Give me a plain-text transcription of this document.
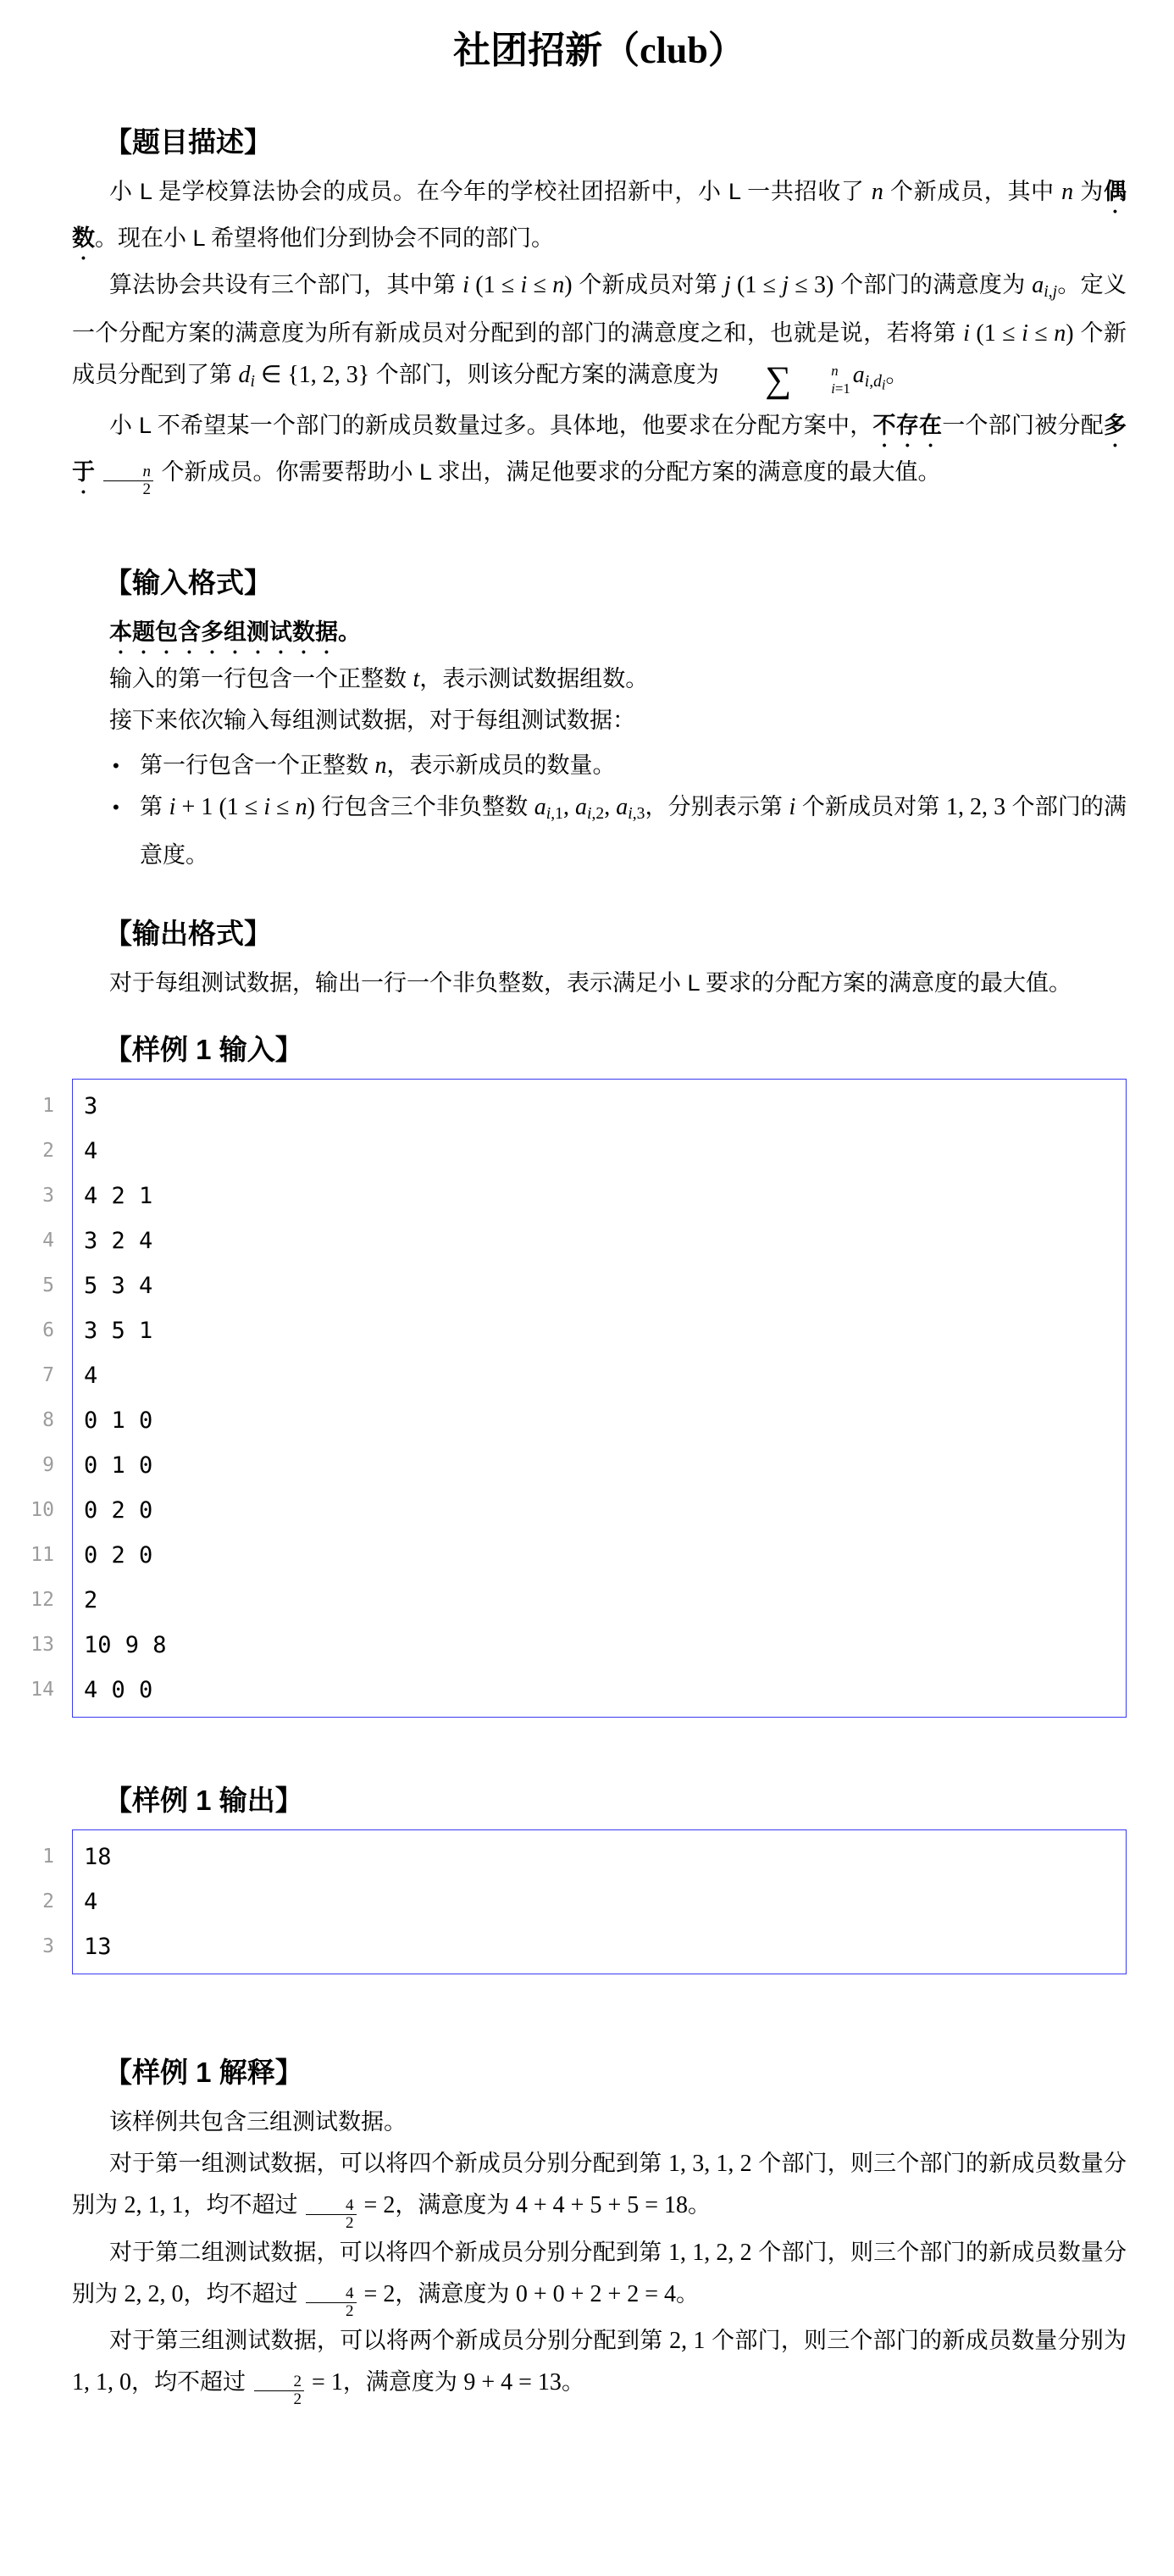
社团招新（club）
【题目描述】

小 L 是学校算法协会的成员。在今年的学校社团招新中，小 L 一共招收了 n 个新成员，其中 n 为偶数。现在小 L 希望将他们分到协会不同的部门。

算法协会共设有三个部门，其中第 i (1 ≤ i ≤ n) 个新成员对第 j (1 ≤ j ≤ 3) 个部门的满意度为 ai,j。定义一个分配方案的满意度为所有新成员对分配到的部门的满意度之和，也就是说，若将第 i (1 ≤ i ≤ n) 个新成员分配到了第 di ∈ {1, 2, 3} 个部门，则该分配方案的满意度为	∑	n
i=1
ai,di。

小 L 不希望某一个部门的新成员数量过多。具体地，他要求在分配方案中，不存在一个部门被分配多于 $\frac{n}{2}$ 个新成员。你需要帮助小 L 求出，满足他要求的分配方案的满意度的最大值。

【输入格式】

本题包含多组测试数据。

输入的第一行包含一个正整数 t，表示测试数据组数。

接下来依次输入每组测试数据，对于每组测试数据：

• 第一行包含一个正整数 n，表示新成员的数量。
• 第 i + 1 (1 ≤ i ≤ n) 行包含三个非负整数 ai,1, ai,2, ai,3，分别表示第 i 个新成员对第 1, 2, 3 个部门的满意度。
【输出格式】

对于每组测试数据，输出一行一个非负整数，表示满足小 L 要求的分配方案的满意度的最大值。

【样例 1 输入】
1 3
2 4
3 4 2 1
4 3 2 4
5 5 3 4
6 3 5 1
7 4
8 0 1 0
9 0 1 0
10 0 2 0
11 0 2 0
12 2
13 10 9 8
14 4 0 0
【样例 1 输出】
1 18
2 4
3 13
【样例 1 解释】

该样例共包含三组测试数据。

对于第一组测试数据，可以将四个新成员分别分配到第 1, 3, 1, 2 个部门，则三个部门的新成员数量分别为 2, 1, 1，均不超过 $\frac{4}{2} = 2$，满意度为 4 + 4 + 5 + 5 = 18。

对于第二组测试数据，可以将四个新成员分别分配到第 1, 1, 2, 2 个部门，则三个部门的新成员数量分别为 2, 2, 0，均不超过 $\frac{4}{2} = 2$，满意度为 0 + 0 + 2 + 2 = 4。

对于第三组测试数据，可以将两个新成员分别分配到第 2, 1 个部门，则三个部门的新成员数量分别为 1, 1, 0，均不超过 $\frac{2}{2} = 1$，满意度为 9 + 4 = 13。
